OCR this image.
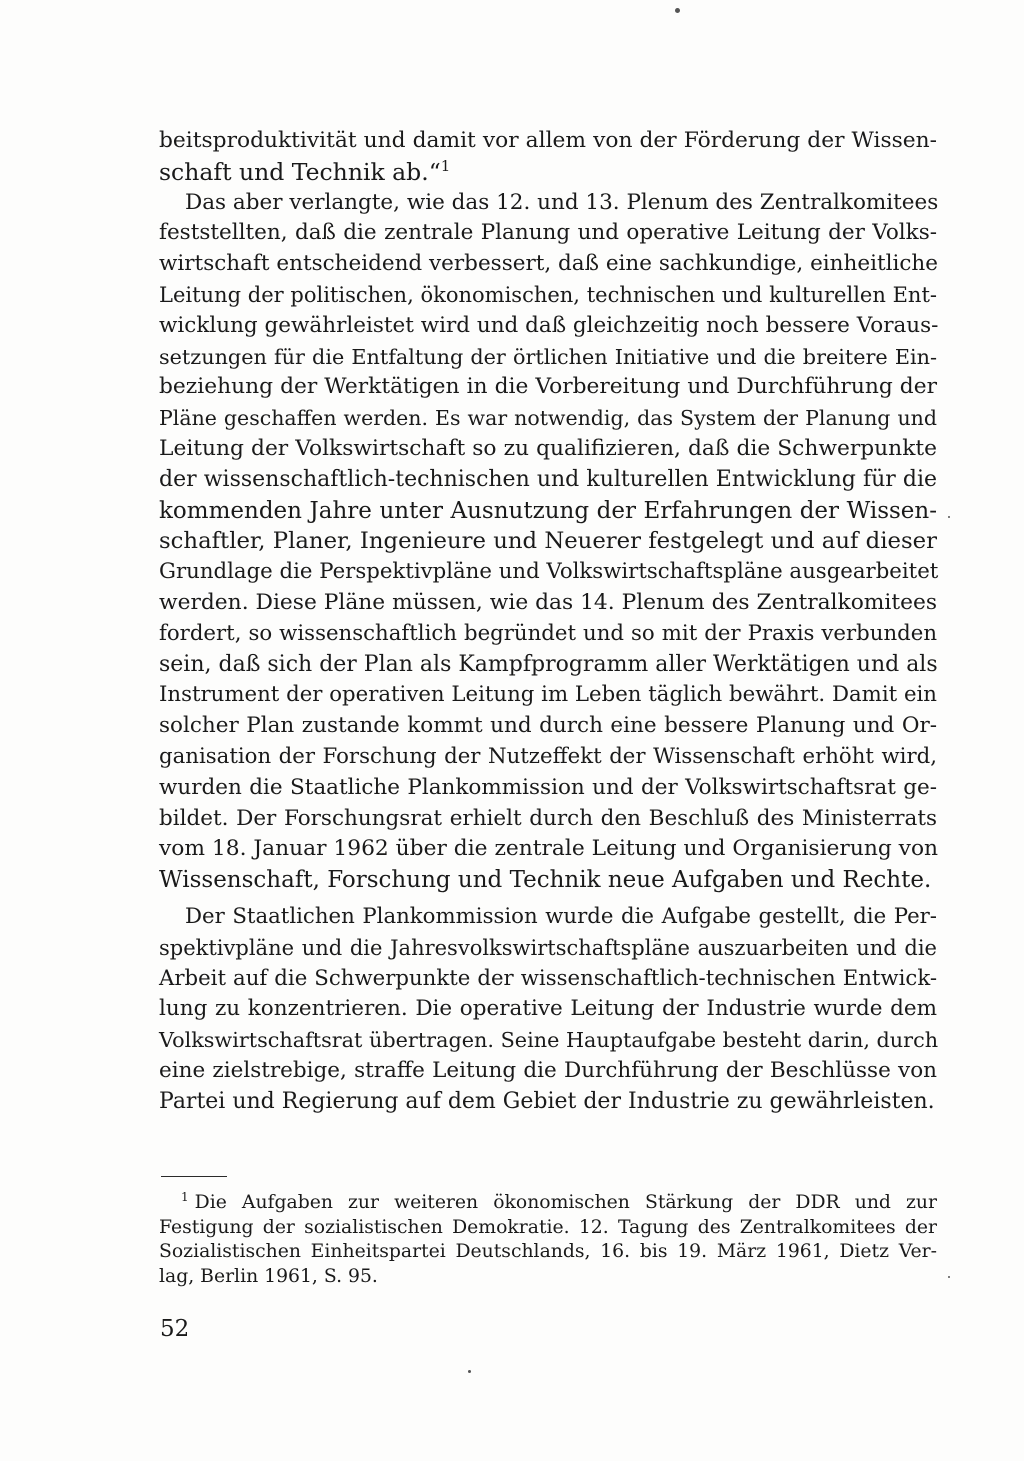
beitsproduktivität und damit vor allem von der Förderung der Wissen-
schaft und Technik ab.“$^1$
Das aber verlangte, wie das 12. und 13. Plenum des Zentralkomitees
feststellten, daß die zentrale Planung und operative Leitung der Volks-
wirtschaft entscheidend verbessert, daß eine sachkundige, einheitliche
Leitung der politischen, ökonomischen, technischen und kulturellen Ent-
wicklung gewährleistet wird und daß gleichzeitig noch bessere Voraus-
setzungen für die Entfaltung der örtlichen Initiative und die breitere Ein-
beziehung der Werktätigen in die Vorbereitung und Durchführung der
Pläne geschaffen werden. Es war notwendig, das System der Planung und
Leitung der Volkswirtschaft so zu qualifizieren, daß die Schwerpunkte
der wissenschaftlich-technischen und kulturellen Entwicklung für die
kommenden Jahre unter Ausnutzung der Erfahrungen der Wissen-
schaftler, Planer, Ingenieure und Neuerer festgelegt und auf dieser
Grundlage die Perspektivpläne und Volkswirtschaftspläne ausgearbeitet
werden. Diese Pläne müssen, wie das 14. Plenum des Zentralkomitees
fordert, so wissenschaftlich begründet und so mit der Praxis verbunden
sein, daß sich der Plan als Kampfprogramm aller Werktätigen und als
Instrument der operativen Leitung im Leben täglich bewährt. Damit ein
solcher Plan zustande kommt und durch eine bessere Planung und Or-
ganisation der Forschung der Nutzeffekt der Wissenschaft erhöht wird,
wurden die Staatliche Plankommission und der Volkswirtschaftsrat ge-
bildet. Der Forschungsrat erhielt durch den Beschluß des Ministerrats
vom 18. Januar 1962 über die zentrale Leitung und Organisierung von
Wissenschaft, Forschung und Technik neue Aufgaben und Rechte.
Der Staatlichen Plankommission wurde die Aufgabe gestellt, die Per-
spektivpläne und die Jahresvolkswirtschaftspläne auszuarbeiten und die
Arbeit auf die Schwerpunkte der wissenschaftlich-technischen Entwick-
lung zu konzentrieren. Die operative Leitung der Industrie wurde dem
Volkswirtschaftsrat übertragen. Seine Hauptaufgabe besteht darin, durch
eine zielstrebige, straffe Leitung die Durchführung der Beschlüsse von
Partei und Regierung auf dem Gebiet der Industrie zu gewährleisten.
$^1$ Die Aufgaben zur weiteren ökonomischen Stärkung der DDR und zur
Festigung der sozialistischen Demokratie. 12. Tagung des Zentralkomitees der
Sozialistischen Einheitspartei Deutschlands, 16. bis 19. März 1961, Dietz Ver-
lag, Berlin 1961, S. 95.
52
